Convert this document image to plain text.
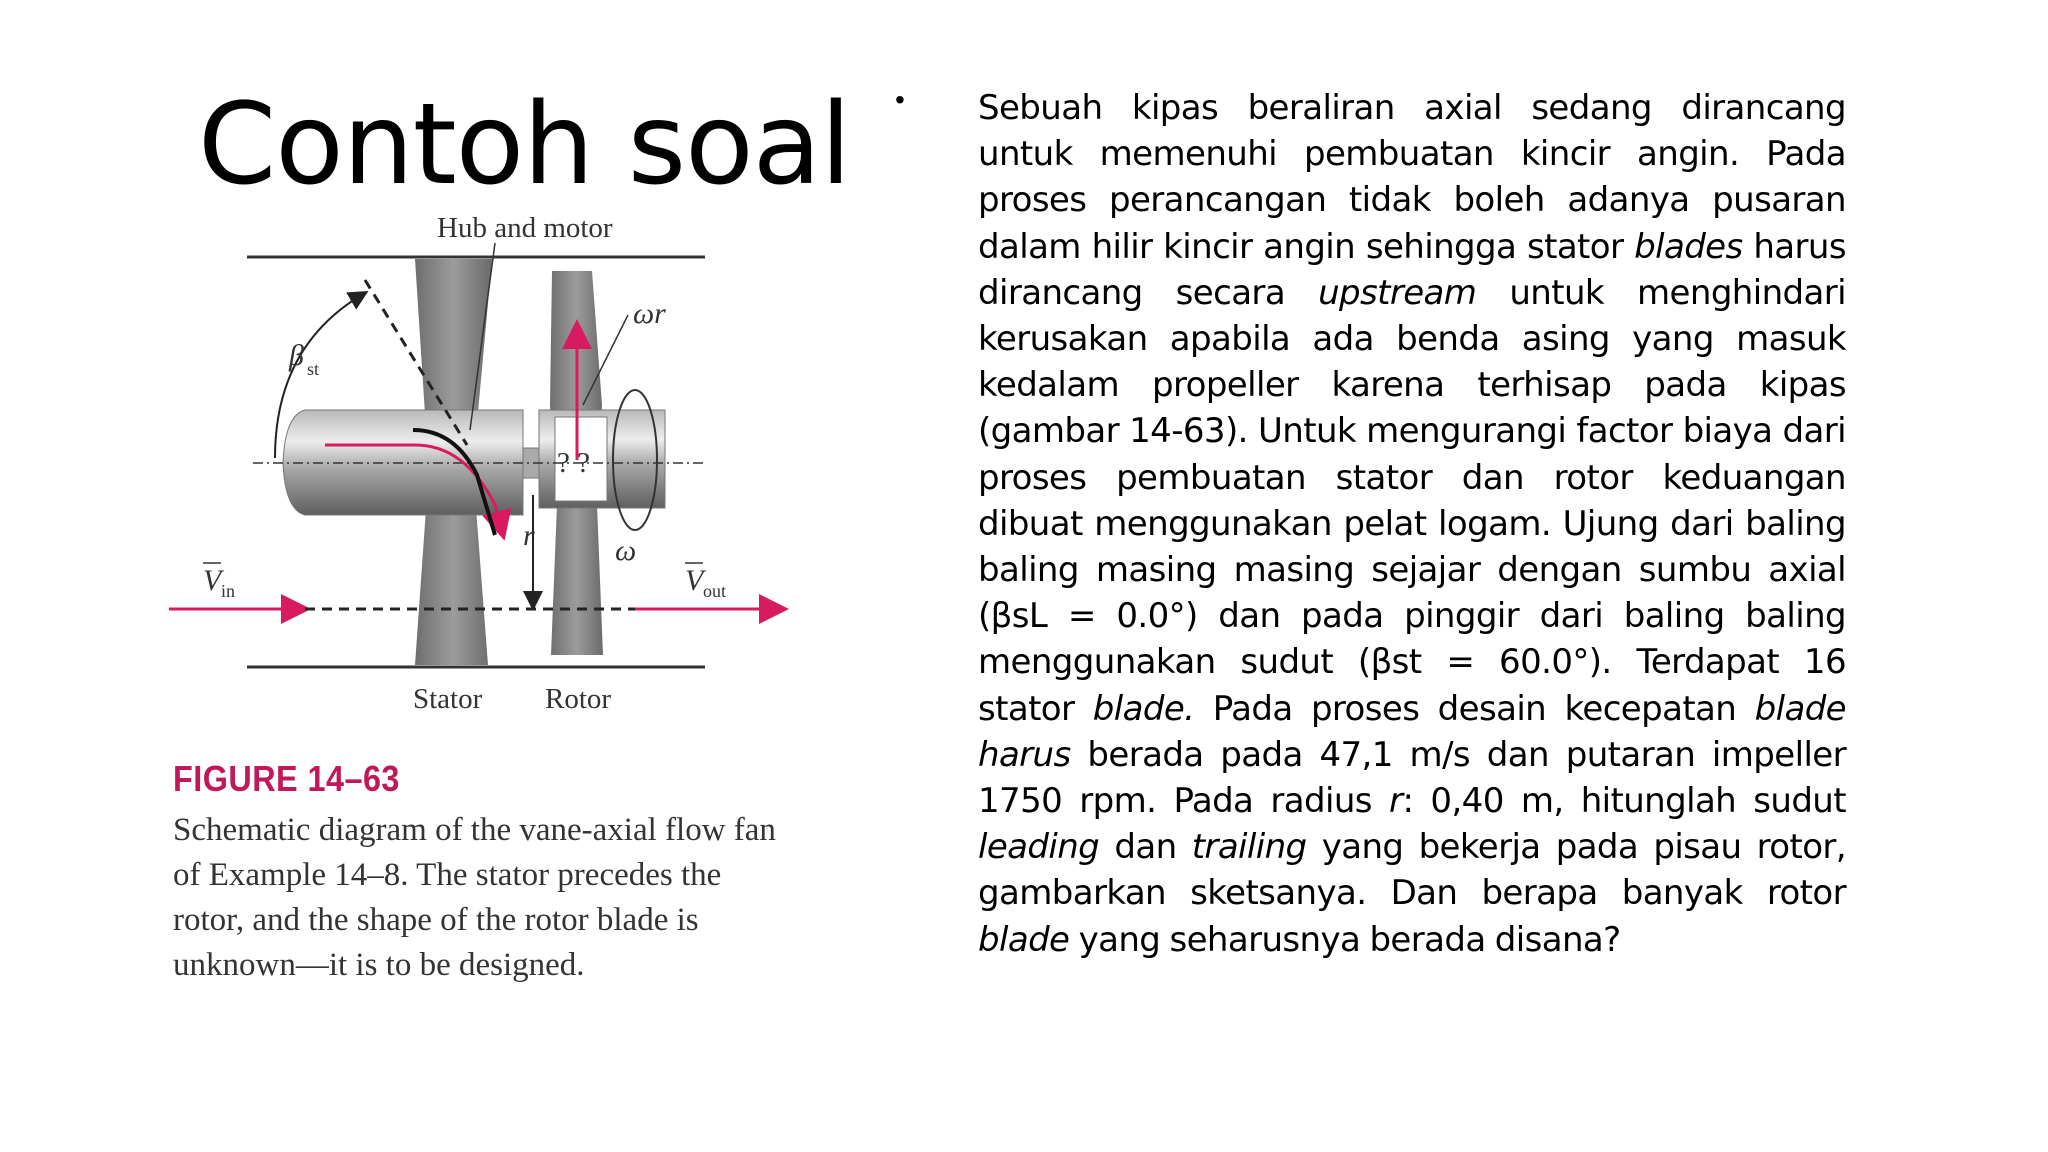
Contoh soal
? ?
β st
Hub and motor
ωr
ω
r
V in	V out
Stator Rotor
FIGURE 14–63
Schematic diagram of the vane-axial flow fan of Example 14–8. The stator precedes the rotor, and the shape of the rotor blade is unknown—it is to be designed.
• Sebuah kipas beraliran axial sedang dirancang untuk memenuhi pembuatan kincir angin. Pada proses perancangan tidak boleh adanya pusaran dalam hilir kincir angin sehingga stator blades harus dirancang secara upstream untuk menghindari kerusakan apabila ada benda asing yang masuk kedalam propeller karena terhisap pada kipas (gambar 14-63). Untuk mengurangi factor biaya dari proses pembuatan stator dan rotor keduangan dibuat menggunakan pelat logam. Ujung dari baling baling masing masing sejajar dengan sumbu axial (βsL = 0.0°) dan pada pinggir dari baling baling menggunakan sudut (βst = 60.0°). Terdapat 16 stator blade. Pada proses desain kecepatan blade harus berada pada 47,1 m/s dan putaran impeller 1750 rpm. Pada radius r: 0,40 m, hitunglah sudut leading dan trailing yang bekerja pada pisau rotor, gambarkan sketsanya. Dan berapa banyak rotor blade yang seharusnya berada disana?
